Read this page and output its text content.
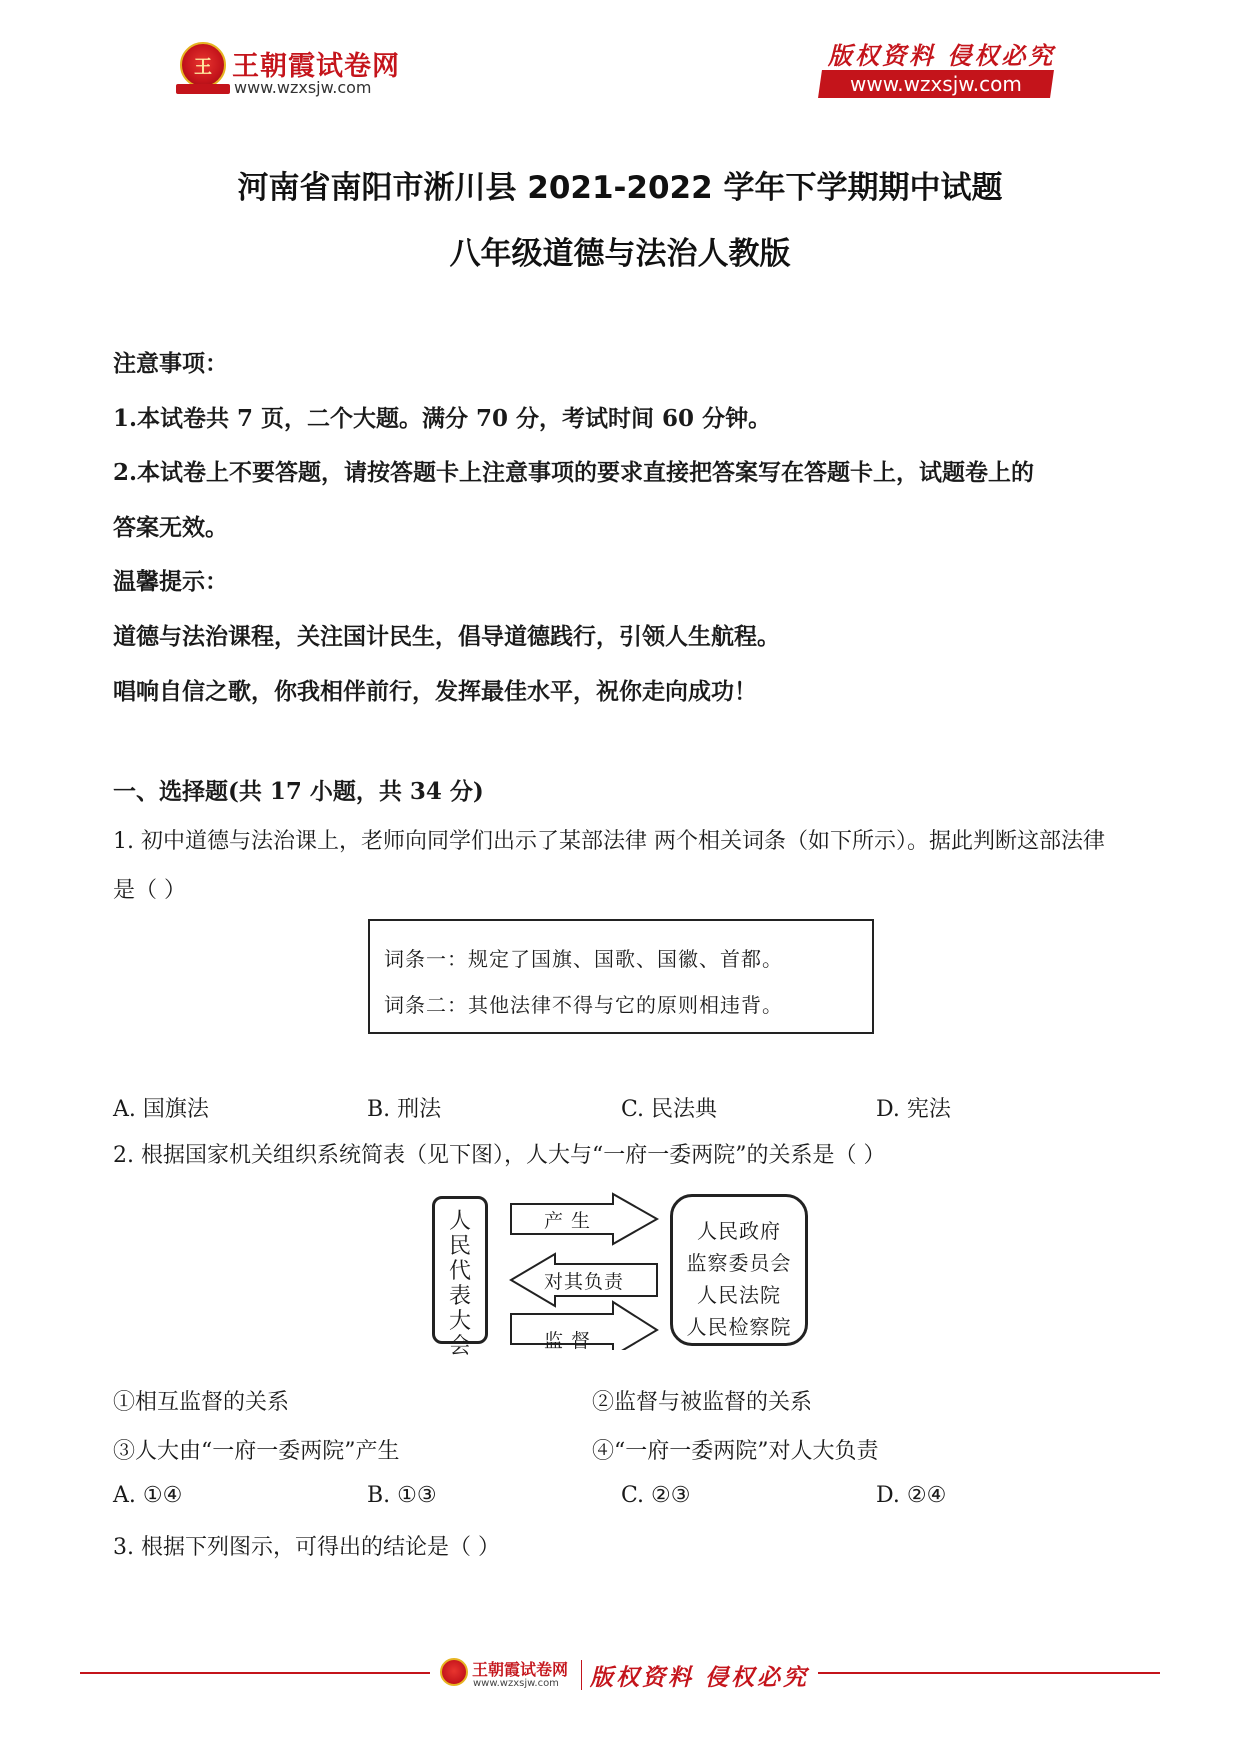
王
王朝霞试卷网
www.wzxsjw.com
版权资料 侵权必究
www.wzxsjw.com
河南省南阳市淅川县 2021-2022 学年下学期期中试题
八年级道德与法治人教版
注意事项：
1.本试卷共 7 页，二个大题。满分 70 分，考试时间 60 分钟。
2.本试卷上不要答题，请按答题卡上注意事项的要求直接把答案写在答题卡上，试题卷上的
答案无效。
温馨提示：
道德与法治课程，关注国计民生，倡导道德践行，引领人生航程。
唱响自信之歌，你我相伴前行，发挥最佳水平，祝你走向成功！
一、选择题(共 17 小题，共 34 分)
1. 初中道德与法治课上，老师向同学们出示了某部法律 两个相关词条（如下所示）。据此判断这部法律
是（ ）
词条一：规定了国旗、国歌、国徽、首都。
词条二：其他法律不得与它的原则相违背。
A. 国旗法	B. 刑法	C. 民法典	D. 宪法
2. 根据国家机关组织系统简表（见下图），人大与“一府一委两院”的关系是（ ）
人
民
代
表
大
会
产 生
对其负责
监 督
人民政府
监察委员会
人民法院
人民检察院
①相互监督的关系	②监督与被监督的关系
③人大由“一府一委两院”产生	④“一府一委两院”对人大负责
A. ①④	B. ①③	C. ②③	D. ②④
3. 根据下列图示，可得出的结论是（ ）
王朝霞试卷网
www.wzxsjw.com 版权资料 侵权必究
